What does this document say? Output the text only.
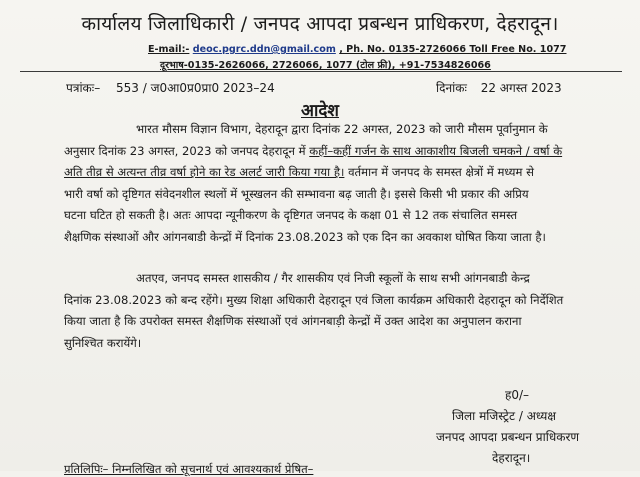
कार्यालय जिलाधिकारी / जनपद आपदा प्रबन्धन प्राधिकरण, देहरादून।
E-mail:- deoc.pgrc.ddn@gmail.com , Ph. No. 0135-2726066 Toll Free No. 1077
दूरभाष-0135-2626066, 2726066, 1077 (टोल फ्री), +91-7534826066
पत्रांकः– 553 / ज0आ0प्र0प्रा0 2023–24	दिनांकः 22 अगस्त 2023
आदेश
भारत मौसम विज्ञान विभाग, देहरादून द्वारा दिनांक 22 अगस्त, 2023 को जारी मौसम पूर्वानुमान के
अनुसार दिनांक 23 अगस्त, 2023 को जनपद देहरादून में कहीं–कहीं गर्जन के साथ आकाशीय बिजली चमकने / वर्षा के
अति तीव्र से अत्यन्त तीव्र वर्षा होने का रेड अलर्ट जारी किया गया है। वर्तमान में जनपद के समस्त क्षेत्रों में मध्यम से
भारी वर्षा को दृष्टिगत संवेदनशील स्थलों में भूस्खलन की सम्भावना बढ़ जाती है। इससे किसी भी प्रकार की अप्रिय
घटना घटित हो सकती है। अतः आपदा न्यूनीकरण के दृष्टिगत जनपद के कक्षा 01 से 12 तक संचालित समस्त
शैक्षणिक संस्थाओं और आंगनबाडी केन्द्रों में दिनांक 23.08.2023 को एक दिन का अवकाश घोषित किया जाता है।
अतएव, जनपद समस्त शासकीय / गैर शासकीय एवं निजी स्कूलों के साथ सभी आंगनबाडी केन्द्र
दिनांक 23.08.2023 को बन्द रहेंगे। मुख्य शिक्षा अधिकारी देहरादून एवं जिला कार्यक्रम अधिकारी देहरादून को निर्देशित
किया जाता है कि उपरोक्त समस्त शैक्षणिक संस्थाओं एवं आंगनबाड़ी केन्द्रों में उक्त आदेश का अनुपालन कराना
सुनिश्चित करायेंगे।
ह0/–
जिला मजिस्ट्रेट / अध्यक्ष
जनपद आपदा प्रबन्धन प्राधिकरण
देहरादून।
प्रतिलिपिः– निम्नलिखित को सूचनार्थ एवं आवश्यकार्थ प्रेषित–
